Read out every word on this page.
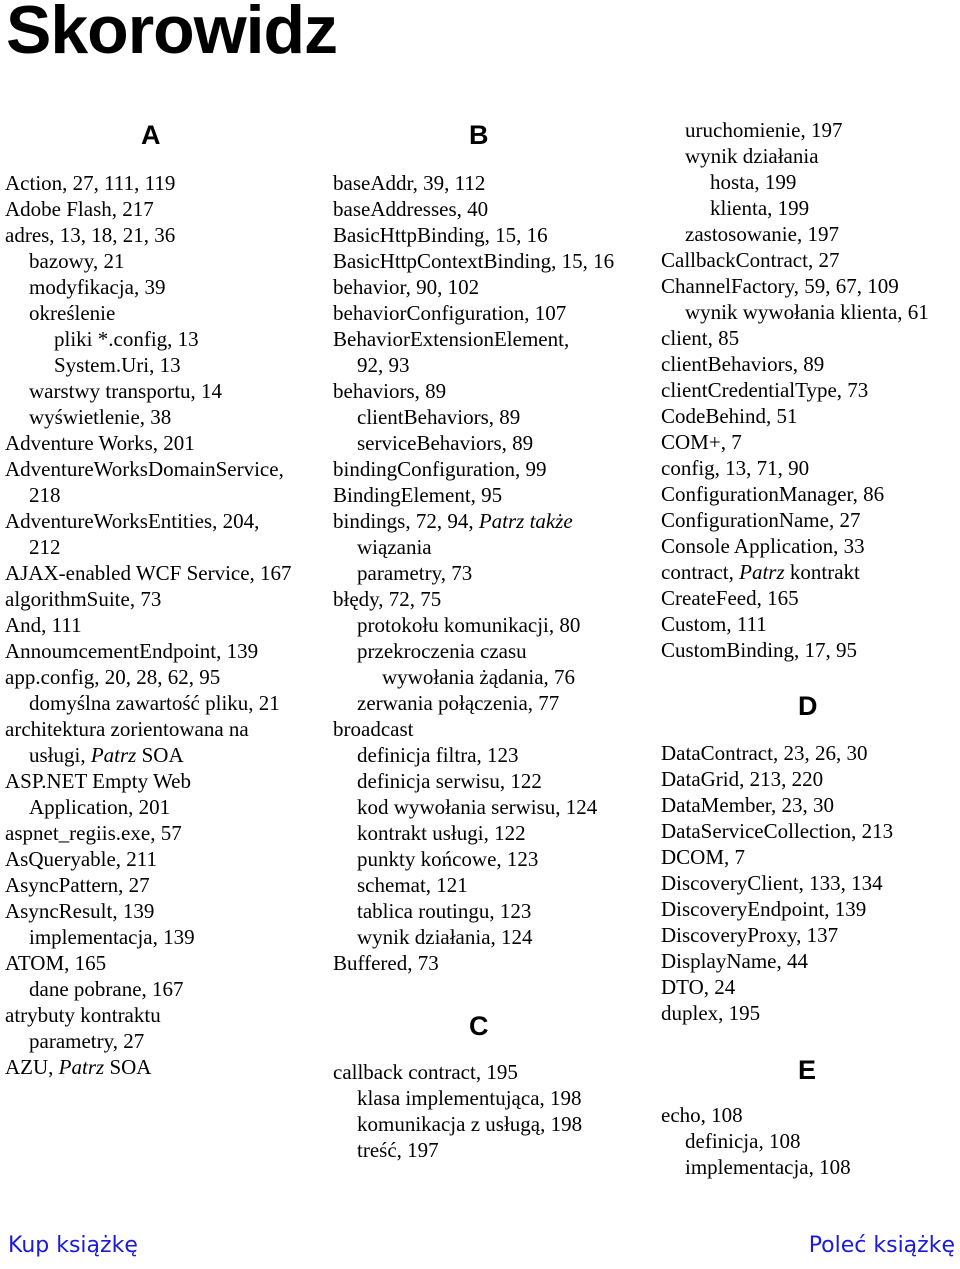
Skorowidz
A
Action, 27, 111, 119
Adobe Flash, 217
adres, 13, 18, 21, 36
bazowy, 21
modyfikacja, 39
określenie
pliki *.config, 13
System.Uri, 13
warstwy transportu, 14
wyświetlenie, 38
Adventure Works, 201
AdventureWorksDomainService,
218
AdventureWorksEntities, 204,
212
AJAX-enabled WCF Service, 167
algorithmSuite, 73
And, 111
AnnoumcementEndpoint, 139
app.config, 20, 28, 62, 95
domyślna zawartość pliku, 21
architektura zorientowana na
usługi, Patrz SOA
ASP.NET Empty Web
Application, 201
aspnet_regiis.exe, 57
AsQueryable, 211
AsyncPattern, 27
AsyncResult, 139
implementacja, 139
ATOM, 165
dane pobrane, 167
atrybuty kontraktu
parametry, 27
AZU, Patrz SOA
B
baseAddr, 39, 112
baseAddresses, 40
BasicHttpBinding, 15, 16
BasicHttpContextBinding, 15, 16
behavior, 90, 102
behaviorConfiguration, 107
BehaviorExtensionElement,
92, 93
behaviors, 89
clientBehaviors, 89
serviceBehaviors, 89
bindingConfiguration, 99
BindingElement, 95
bindings, 72, 94, Patrz także
wiązania
parametry, 73
błędy, 72, 75
protokołu komunikacji, 80
przekroczenia czasu
wywołania żądania, 76
zerwania połączenia, 77
broadcast
definicja filtra, 123
definicja serwisu, 122
kod wywołania serwisu, 124
kontrakt usługi, 122
punkty końcowe, 123
schemat, 121
tablica routingu, 123
wynik działania, 124
Buffered, 73
C
callback contract, 195
klasa implementująca, 198
komunikacja z usługą, 198
treść, 197
uruchomienie, 197
wynik działania
hosta, 199
klienta, 199
zastosowanie, 197
CallbackContract, 27
ChannelFactory, 59, 67, 109
wynik wywołania klienta, 61
client, 85
clientBehaviors, 89
clientCredentialType, 73
CodeBehind, 51
COM+, 7
config, 13, 71, 90
ConfigurationManager, 86
ConfigurationName, 27
Console Application, 33
contract, Patrz kontrakt
CreateFeed, 165
Custom, 111
CustomBinding, 17, 95
D
DataContract, 23, 26, 30
DataGrid, 213, 220
DataMember, 23, 30
DataServiceCollection, 213
DCOM, 7
DiscoveryClient, 133, 134
DiscoveryEndpoint, 139
DiscoveryProxy, 137
DisplayName, 44
DTO, 24
duplex, 195
E
echo, 108
definicja, 108
implementacja, 108
Kup książkę	Poleć książkę
